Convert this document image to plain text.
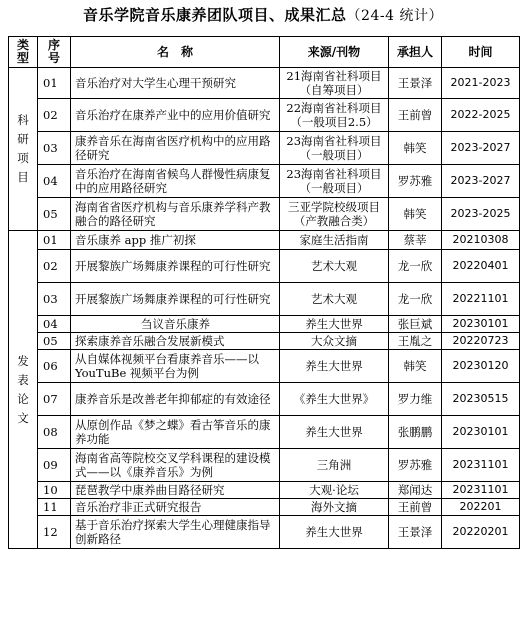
音乐学院音乐康养团队项目、成果汇总（24-4 统计）
类型	序号	名　称	来源/刊物	承担人	时间

科
研
项
目	01	音乐治疗对大学生心理干预研究	21海南省社科项目（自筹项目）	王景泽	2021-2023
	02	音乐治疗在康养产业中的应用价值研究	22海南省社科项目（一般项目2.5）	王前曾	2022-2025
	03	康养音乐在海南省医疗机构中的应用路径研究	23海南省社科项目（一般项目）	韩笑	2023-2027
	04	音乐治疗在海南省候鸟人群慢性病康复中的应用路径研究	23海南省社科项目（一般项目）	罗苏雅	2023-2027
	05	海南省省医疗机构与音乐康养学科产教融合的路径研究	三亚学院校级项目（产教融合类）	韩笑	2023-2025

发
表
论
文	01	音乐康养 app 推广初探	家庭生活指南	蔡莘	20210308
	02	开展黎族广场舞康养课程的可行性研究	艺术大观	龙一欣	20220401
	03	开展黎族广场舞康养课程的可行性研究	艺术大观	龙一欣	20221101
	04	刍议音乐康养	养生大世界	张巨斌	20230101
	05	探索康养音乐融合发展新模式	大众文摘	王胤之	20220723
	06	从自媒体视频平台看康养音乐——以 YouTuBe 视频平台为例	养生大世界	韩笑	20230120
	07	康养音乐是改善老年抑郁症的有效途径	《养生大世界》	罗力维	20230515
	08	从原创作品《梦之蝶》看古筝音乐的康养功能	养生大世界	张鹏鹏	20230101
	09	海南省高等院校交叉学科课程的建设模式——以《康养音乐》为例	三角洲	罗苏雅	20231101
	10	琵琶教学中康养曲目路径研究	大观·论坛	郑闻达	20231101
	11	音乐治疗非正式研究报告	海外文摘	王前曾	202201
	12	基于音乐治疗探索大学生心理健康指导创新路径	养生大世界	王景泽	20220201
